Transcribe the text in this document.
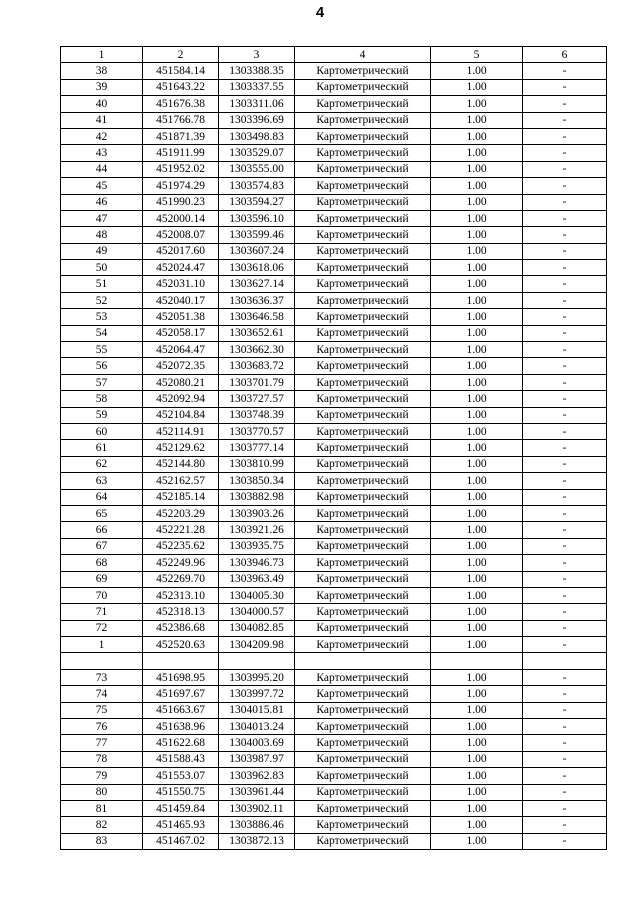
4
1	2	3	4	5	6
38	451584.14	1303388.35	Картометрический	1.00	-
39	451643.22	1303337.55	Картометрический	1.00	-
40	451676.38	1303311.06	Картометрический	1.00	-
41	451766.78	1303396.69	Картометрический	1.00	-
42	451871.39	1303498.83	Картометрический	1.00	-
43	451911.99	1303529.07	Картометрический	1.00	-
44	451952.02	1303555.00	Картометрический	1.00	-
45	451974.29	1303574.83	Картометрический	1.00	-
46	451990.23	1303594.27	Картометрический	1.00	-
47	452000.14	1303596.10	Картометрический	1.00	-
48	452008.07	1303599.46	Картометрический	1.00	-
49	452017.60	1303607.24	Картометрический	1.00	-
50	452024.47	1303618.06	Картометрический	1.00	-
51	452031.10	1303627.14	Картометрический	1.00	-
52	452040.17	1303636.37	Картометрический	1.00	-
53	452051.38	1303646.58	Картометрический	1.00	-
54	452058.17	1303652.61	Картометрический	1.00	-
55	452064.47	1303662.30	Картометрический	1.00	-
56	452072.35	1303683.72	Картометрический	1.00	-
57	452080.21	1303701.79	Картометрический	1.00	-
58	452092.94	1303727.57	Картометрический	1.00	-
59	452104.84	1303748.39	Картометрический	1.00	-
60	452114.91	1303770.57	Картометрический	1.00	-
61	452129.62	1303777.14	Картометрический	1.00	-
62	452144.80	1303810.99	Картометрический	1.00	-
63	452162.57	1303850.34	Картометрический	1.00	-
64	452185.14	1303882.98	Картометрический	1.00	-
65	452203.29	1303903.26	Картометрический	1.00	-
66	452221.28	1303921.26	Картометрический	1.00	-
67	452235.62	1303935.75	Картометрический	1.00	-
68	452249.96	1303946.73	Картометрический	1.00	-
69	452269.70	1303963.49	Картометрический	1.00	-
70	452313.10	1304005.30	Картометрический	1.00	-
71	452318.13	1304000.57	Картометрический	1.00	-
72	452386.68	1304082.85	Картометрический	1.00	-
1	452520.63	1304209.98	Картометрический	1.00	-

73	451698.95	1303995.20	Картометрический	1.00	-
74	451697.67	1303997.72	Картометрический	1.00	-
75	451663.67	1304015.81	Картометрический	1.00	-
76	451638.96	1304013.24	Картометрический	1.00	-
77	451622.68	1304003.69	Картометрический	1.00	-
78	451588.43	1303987.97	Картометрический	1.00	-
79	451553.07	1303962.83	Картометрический	1.00	-
80	451550.75	1303961.44	Картометрический	1.00	-
81	451459.84	1303902.11	Картометрический	1.00	-
82	451465.93	1303886.46	Картометрический	1.00	-
83	451467.02	1303872.13	Картометрический	1.00	-
